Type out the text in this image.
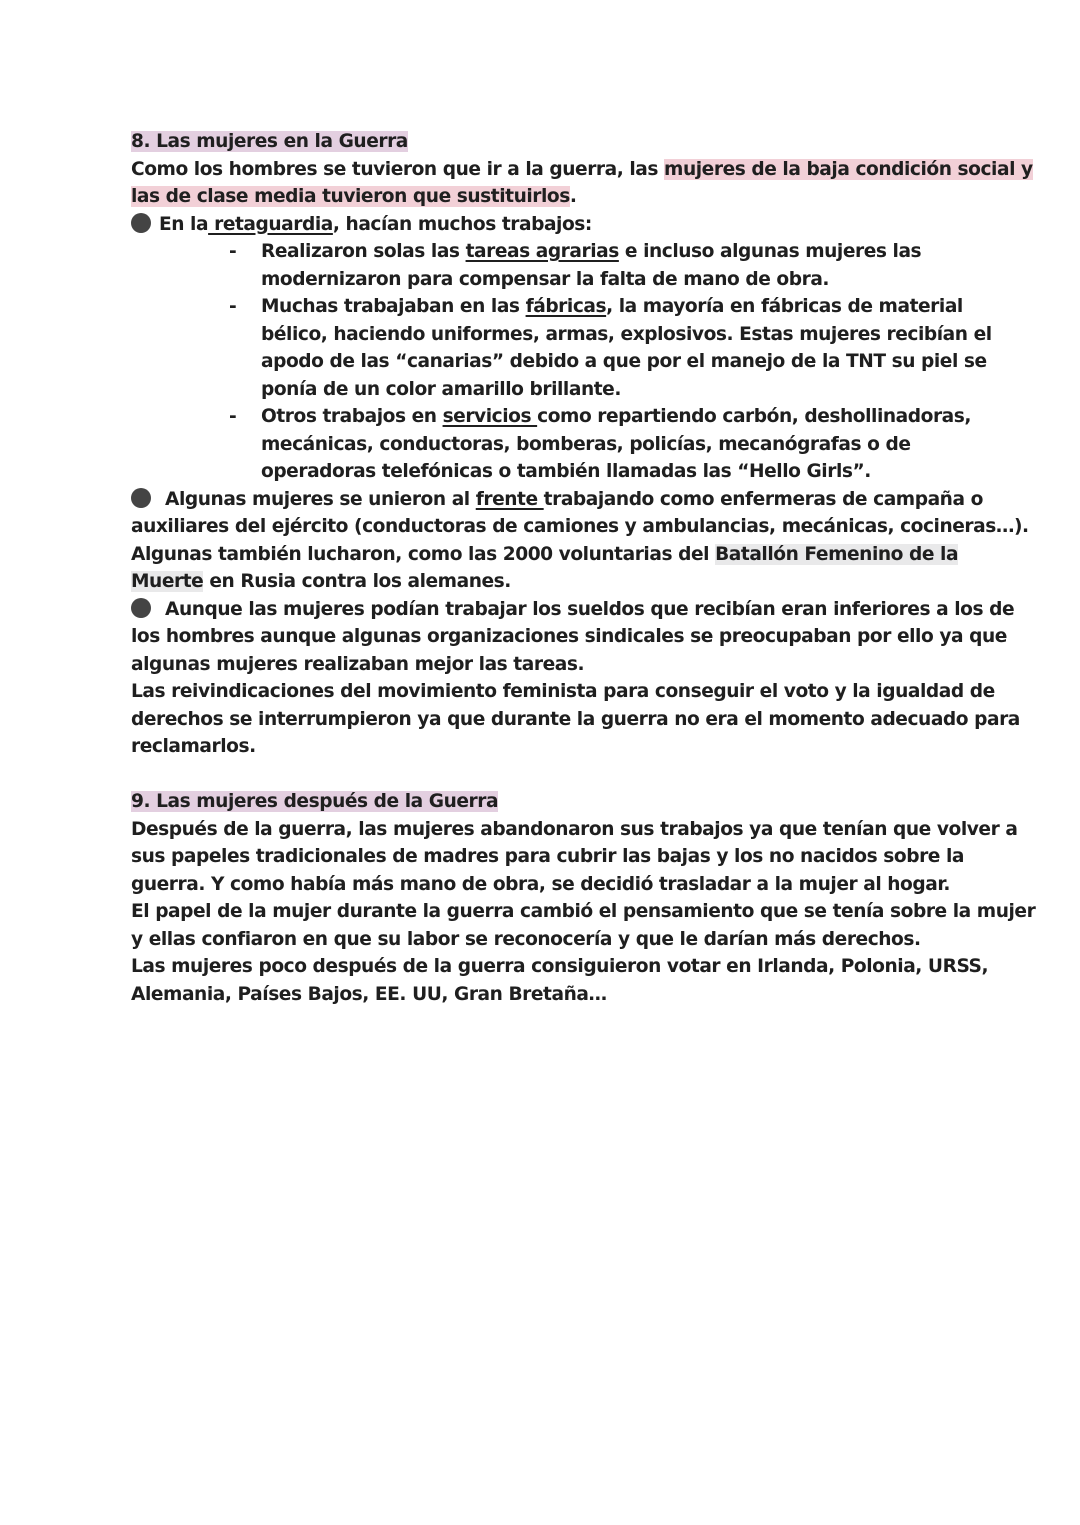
8. Las mujeres en la Guerra
Como los hombres se tuvieron que ir a la guerra, las mujeres de la baja condición social y
las de clase media tuvieron que sustituirlos.
En la retaguardia, hacían muchos trabajos:
- Realizaron solas las tareas agrarias e incluso algunas mujeres las
modernizaron para compensar la falta de mano de obra.
- Muchas trabajaban en las fábricas, la mayoría en fábricas de material
bélico, haciendo uniformes, armas, explosivos. Estas mujeres recibían el
apodo de las “canarias” debido a que por el manejo de la TNT su piel se
ponía de un color amarillo brillante.
- Otros trabajos en servicios como repartiendo carbón, deshollinadoras,
mecánicas, conductoras, bomberas, policías, mecanógrafas o de
operadoras telefónicas o también llamadas las “Hello Girls”.
Algunas mujeres se unieron al frente trabajando como enfermeras de campaña o
auxiliares del ejército (conductoras de camiones y ambulancias, mecánicas, cocineras…).
Algunas también lucharon, como las 2000 voluntarias del Batallón Femenino de la
Muerte en Rusia contra los alemanes.
Aunque las mujeres podían trabajar los sueldos que recibían eran inferiores a los de
los hombres aunque algunas organizaciones sindicales se preocupaban por ello ya que
algunas mujeres realizaban mejor las tareas.
Las reivindicaciones del movimiento feminista para conseguir el voto y la igualdad de
derechos se interrumpieron ya que durante la guerra no era el momento adecuado para
reclamarlos.
9. Las mujeres después de la Guerra
Después de la guerra, las mujeres abandonaron sus trabajos ya que tenían que volver a
sus papeles tradicionales de madres para cubrir las bajas y los no nacidos sobre la
guerra. Y como había más mano de obra, se decidió trasladar a la mujer al hogar.
El papel de la mujer durante la guerra cambió el pensamiento que se tenía sobre la mujer
y ellas confiaron en que su labor se reconocería y que le darían más derechos.
Las mujeres poco después de la guerra consiguieron votar en Irlanda, Polonia, URSS,
Alemania, Países Bajos, EE. UU, Gran Bretaña…
